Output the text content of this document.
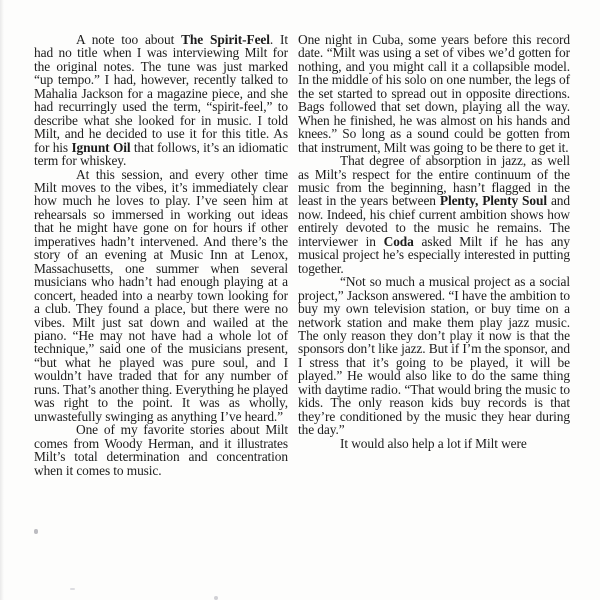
A note too about The Spirit-Feel. It had no title when I was interviewing Milt for the original notes. The tune was just marked “up tempo.” I had, however, recently talked to Mahalia Jackson for a magazine piece, and she had recurringly used the term, “spirit-feel,” to describe what she looked for in music. I told Milt, and he decided to use it for this title. As for his Ignunt Oil that follows, it’s an idiomatic term for whiskey.

At this session, and every other time Milt moves to the vibes, it’s immediately clear how much he loves to play. I’ve seen him at rehearsals so immersed in working out ideas that he might have gone on for hours if other imperatives hadn’t intervened. And there’s the story of an evening at Music Inn at Lenox, Massachusetts, one summer when several musicians who hadn’t had enough playing at a concert, headed into a nearby town looking for a club. They found a place, but there were no vibes. Milt just sat down and wailed at the piano. “He may not have had a whole lot of technique,” said one of the musicians present, “but what he played was pure soul, and I wouldn’t have traded that for any number of runs. That’s another thing. Everything he played was right to the point. It was as wholly, unwastefully swinging as anything I’ve heard.”

One of my favorite stories about Milt comes from Woody Herman, and it illustrates Milt’s total determination and concentration when it comes to music.

One night in Cuba, some years before this record date. “Milt was using a set of vibes we’d gotten for nothing, and you might call it a collapsible model. In the middle of his solo on one number, the legs of the set started to spread out in opposite directions. Bags followed that set down, playing all the way. When he finished, he was almost on his hands and knees.” So long as a sound could be gotten from that instrument, Milt was going to be there to get it.

That degree of absorption in jazz, as well as Milt’s respect for the entire continuum of the music from the beginning, hasn’t flagged in the least in the years between Plenty, Plenty Soul and now. Indeed, his chief current ambition shows how entirely devoted to the music he remains. The interviewer in Coda asked Milt if he has any musical project he’s especially interested in putting together.

“Not so much a musical project as a social project,” Jackson answered. “I have the ambition to buy my own television station, or buy time on a network station and make them play jazz music. The only reason they don’t play it now is that the sponsors don’t like jazz. But if I’m the sponsor, and I stress that it’s going to be played, it will be played.” He would also like to do the same thing with daytime radio. “That would bring the music to kids. The only reason kids buy records is that they’re conditioned by the music they hear during the day.”

It would also help a lot if Milt were
